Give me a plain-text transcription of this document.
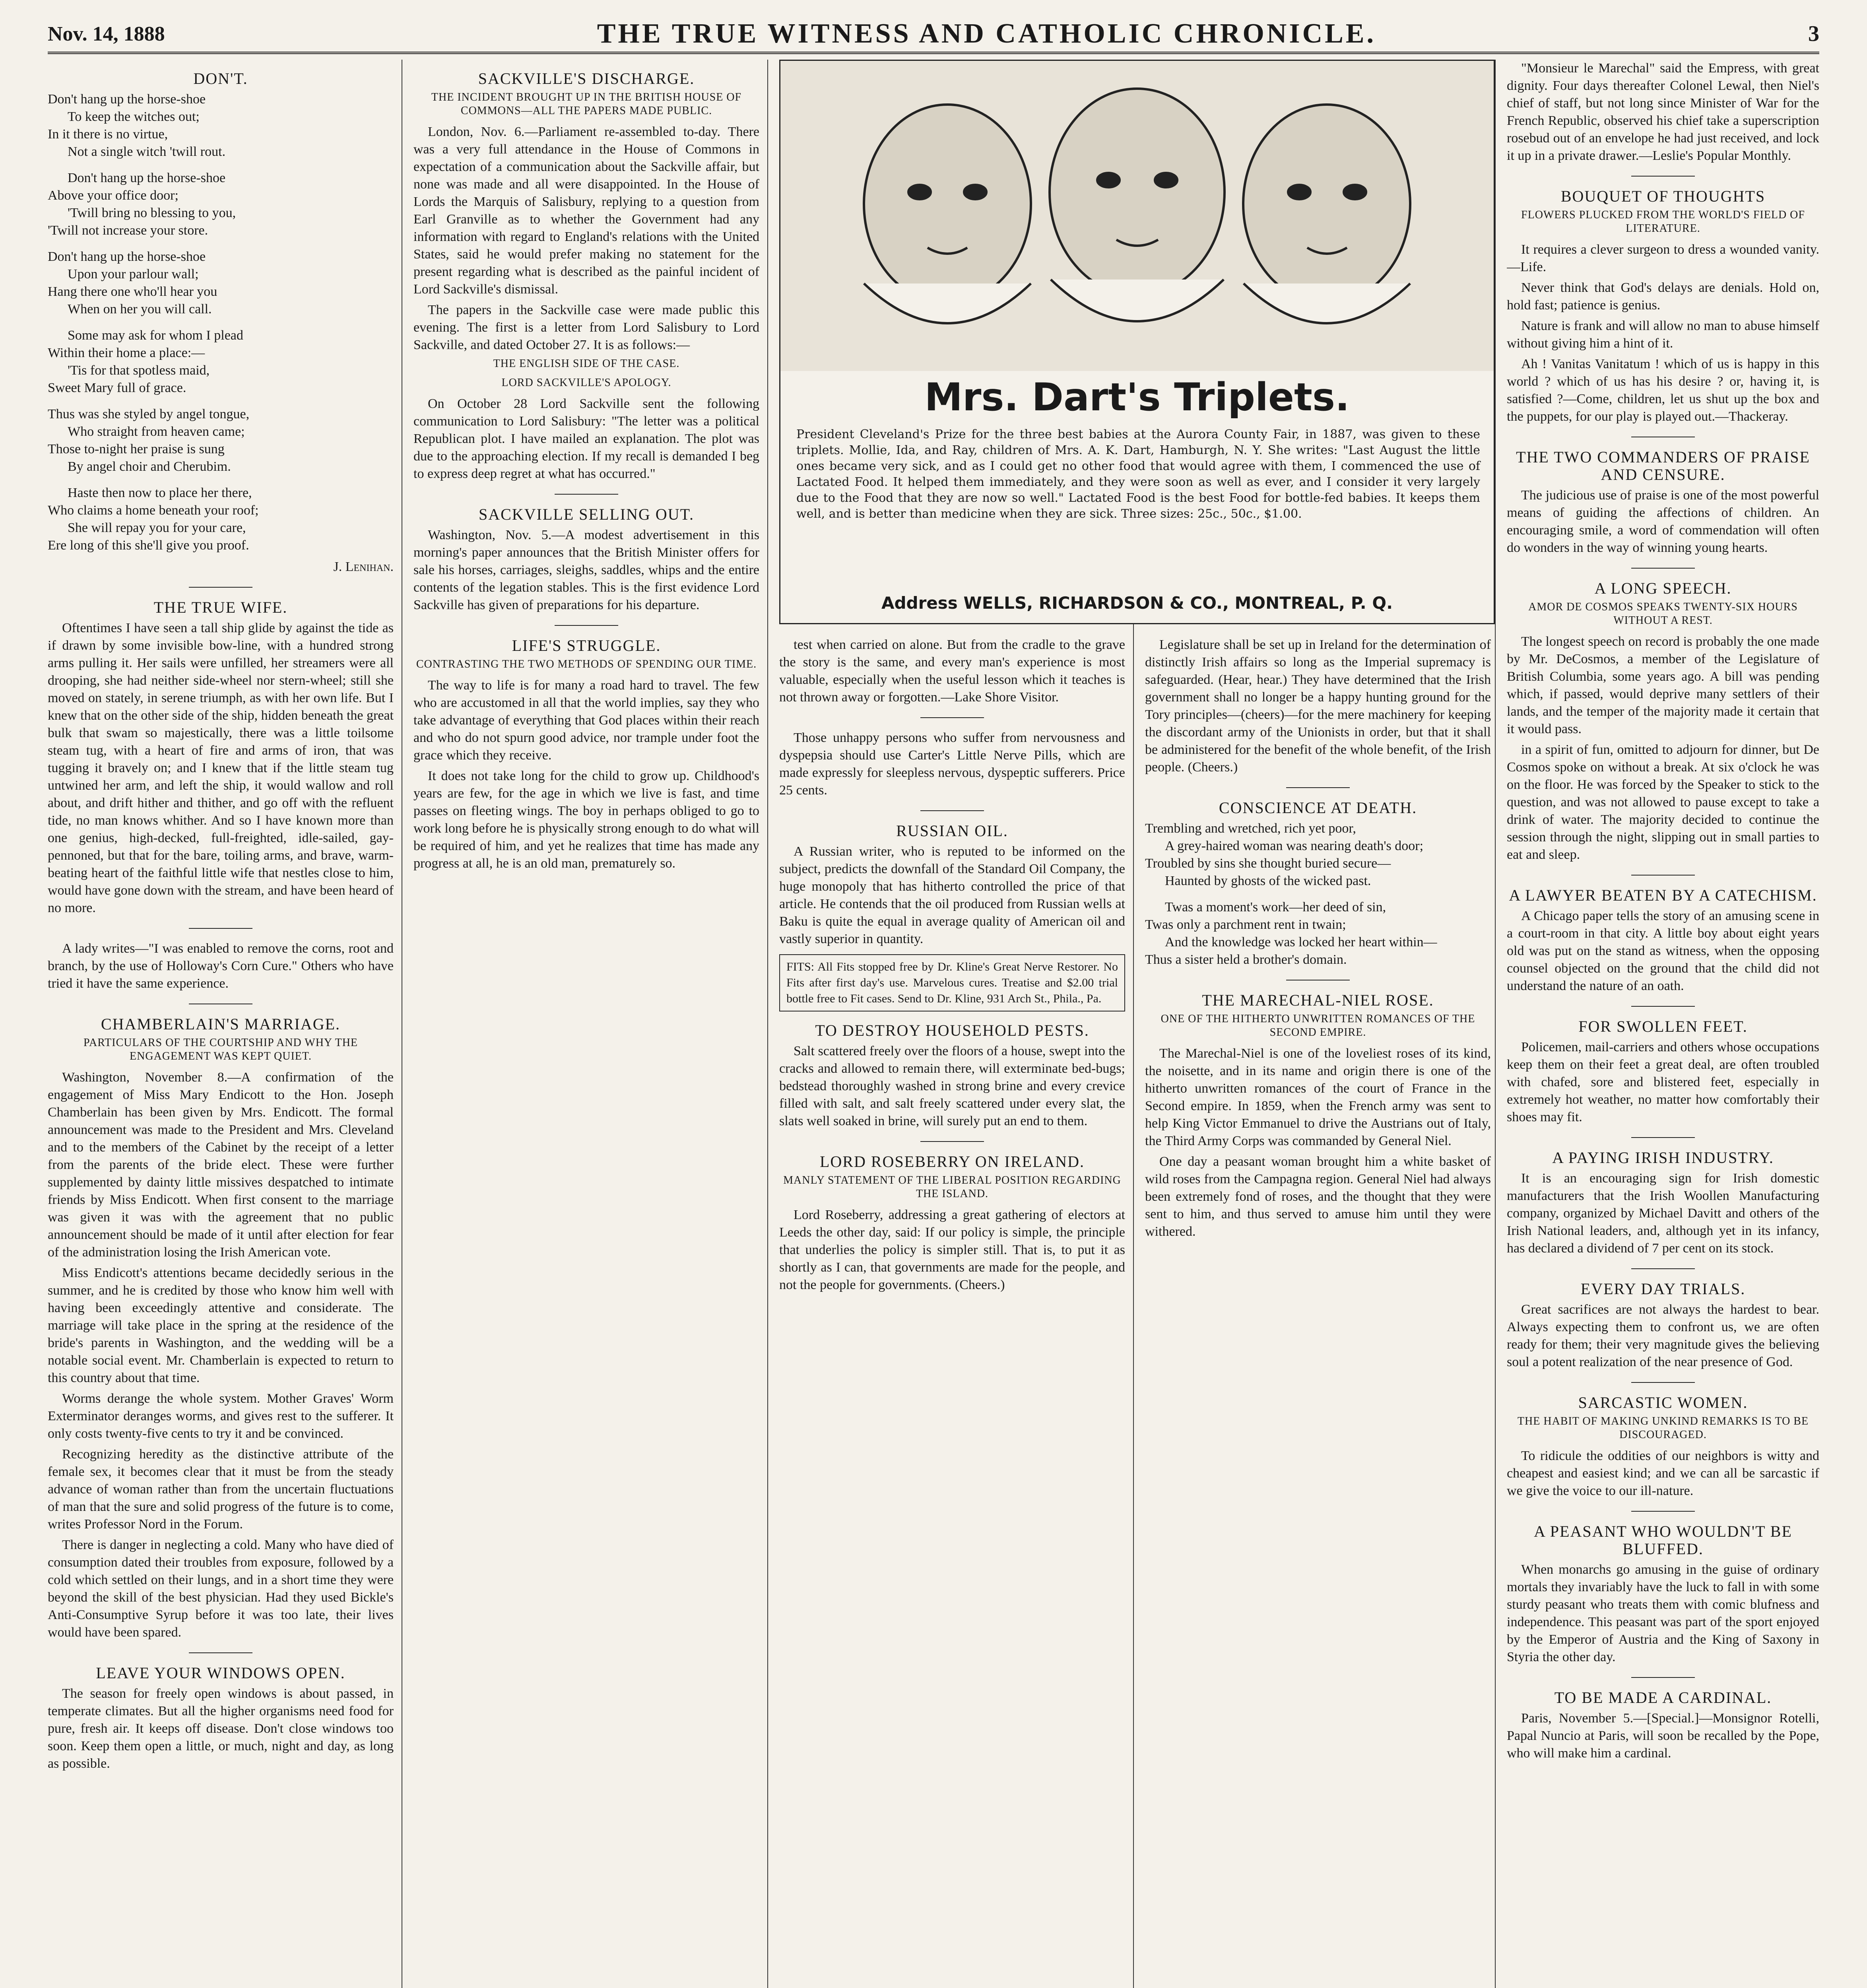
Nov. 14, 1888	THE TRUE WITNESS AND CATHOLIC CHRONICLE.	3
DON'T.

Don't hang up the horse-shoe

To keep the witches out;

In it there is no virtue,

Not a single witch 'twill rout.

Don't hang up the horse-shoe

Above your office door;

'Twill bring no blessing to you,

'Twill not increase your store.

Don't hang up the horse-shoe

Upon your parlour wall;

Hang there one who'll hear you

When on her you will call.

Some may ask for whom I plead

Within their home a place:—

'Tis for that spotless maid,

Sweet Mary full of grace.

Thus was she styled by angel tongue,

Who straight from heaven came;

Those to-night her praise is sung

By angel choir and Cherubim.

Haste then now to place her there,

Who claims a home beneath your roof;

She will repay you for your care,

Ere long of this she'll give you proof.

J. Lenihan.
THE TRUE WIFE.

Oftentimes I have seen a tall ship glide by against the tide as if drawn by some invisible bow-line, with a hundred strong arms pulling it. Her sails were unfilled, her streamers were all drooping, she had neither side-wheel nor stern-wheel; still she moved on stately, in serene triumph, as with her own life. But I knew that on the other side of the ship, hidden beneath the great bulk that swam so majestically, there was a little toilsome steam tug, with a heart of fire and arms of iron, that was tugging it bravely on; and I knew that if the little steam tug untwined her arm, and left the ship, it would wallow and roll about, and drift hither and thither, and go off with the refluent tide, no man knows whither. And so I have known more than one genius, high-decked, full-freighted, idle-sailed, gay-pennoned, but that for the bare, toiling arms, and brave, warm-beating heart of the faithful little wife that nestles close to him, would have gone down with the stream, and have been heard of no more.

A lady writes—"I was enabled to remove the corns, root and branch, by the use of Holloway's Corn Cure." Others who have tried it have the same experience.

CHAMBERLAIN'S MARRIAGE.
PARTICULARS OF THE COURTSHIP AND WHY THE ENGAGEMENT WAS KEPT QUIET.

Washington, November 8.—A confirmation of the engagement of Miss Mary Endicott to the Hon. Joseph Chamberlain has been given by Mrs. Endicott. The formal announcement was made to the President and Mrs. Cleveland and to the members of the Cabinet by the receipt of a letter from the parents of the bride elect. These were further supplemented by dainty little missives despatched to intimate friends by Miss Endicott. When first consent to the marriage was given it was with the agreement that no public announcement should be made of it until after election for fear of the administration losing the Irish American vote.

Miss Endicott's attentions became decidedly serious in the summer, and he is credited by those who know him well with having been exceedingly attentive and considerate. The marriage will take place in the spring at the residence of the bride's parents in Washington, and the wedding will be a notable social event. Mr. Chamberlain is expected to return to this country about that time.

Worms derange the whole system. Mother Graves' Worm Exterminator deranges worms, and gives rest to the sufferer. It only costs twenty-five cents to try it and be convinced.

Recognizing heredity as the distinctive attribute of the female sex, it becomes clear that it must be from the steady advance of woman rather than from the uncertain fluctuations of man that the sure and solid progress of the future is to come, writes Professor Nord in the Forum.

There is danger in neglecting a cold. Many who have died of consumption dated their troubles from exposure, followed by a cold which settled on their lungs, and in a short time they were beyond the skill of the best physician. Had they used Bickle's Anti-Consumptive Syrup before it was too late, their lives would have been spared.

LEAVE YOUR WINDOWS OPEN.

The season for freely open windows is about passed, in temperate climates. But all the higher organisms need food for pure, fresh air. It keeps off disease. Don't close windows too soon. Keep them open a little, or much, night and day, as long as possible.

SACKVILLE'S DISCHARGE.
THE INCIDENT BROUGHT UP IN THE BRITISH HOUSE OF COMMONS—ALL THE PAPERS MADE PUBLIC.

London, Nov. 6.—Parliament re-assembled to-day. There was a very full attendance in the House of Commons in expectation of a communication about the Sackville affair, but none was made and all were disappointed. In the House of Lords the Marquis of Salisbury, replying to a question from Earl Granville as to whether the Government had any information with regard to England's relations with the United States, said he would prefer making no statement for the present regarding what is described as the painful incident of Lord Sackville's dismissal.

The papers in the Sackville case were made public this evening. The first is a letter from Lord Salisbury to Lord Sackville, and dated October 27. It is as follows:—

THE ENGLISH SIDE OF THE CASE.
LORD SACKVILLE'S APOLOGY.

On October 28 Lord Sackville sent the following communication to Lord Salisbury: "The letter was a political Republican plot. I have mailed an explanation. The plot was due to the approaching election. If my recall is demanded I beg to express deep regret at what has occurred."

SACKVILLE SELLING OUT.

Washington, Nov. 5.—A modest advertisement in this morning's paper announces that the British Minister offers for sale his horses, carriages, sleighs, saddles, whips and the entire contents of the legation stables. This is the first evidence Lord Sackville has given of preparations for his departure.

LIFE'S STRUGGLE.
CONTRASTING THE TWO METHODS OF SPENDING OUR TIME.

The way to life is for many a road hard to travel. The few who are accustomed in all that the world implies, say they who take advantage of everything that God places within their reach and who do not spurn good advice, nor trample under foot the grace which they receive.

It does not take long for the child to grow up. Childhood's years are few, for the age in which we live is fast, and time passes on fleeting wings. The boy in perhaps obliged to go to work long before he is physically strong enough to do what will be required of him, and yet he realizes that time has made any progress at all, he is an old man, prematurely so.

Mrs. Dart's Triplets.
President Cleveland's Prize for the three best babies at the Aurora County Fair, in 1887, was given to these triplets. Mollie, Ida, and Ray, children of Mrs. A. K. Dart, Hamburgh, N. Y. She writes: "Last August the little ones became very sick, and as I could get no other food that would agree with them, I commenced the use of Lactated Food. It helped them immediately, and they were soon as well as ever, and I consider it very largely due to the Food that they are now so well." Lactated Food is the best Food for bottle-fed babies. It keeps them well, and is better than medicine when they are sick. Three sizes: 25c., 50c., $1.00.
Address WELLS, RICHARDSON & CO., MONTREAL, P. Q.

test when carried on alone. But from the cradle to the grave the story is the same, and every man's experience is most valuable, especially when the useful lesson which it teaches is not thrown away or forgotten.—Lake Shore Visitor.

Those unhappy persons who suffer from nervousness and dyspepsia should use Carter's Little Nerve Pills, which are made expressly for sleepless nervous, dyspeptic sufferers. Price 25 cents.

RUSSIAN OIL.

A Russian writer, who is reputed to be informed on the subject, predicts the downfall of the Standard Oil Company, the huge monopoly that has hitherto controlled the price of that article. He contends that the oil produced from Russian wells at Baku is quite the equal in average quality of American oil and vastly superior in quantity.

FITS: All Fits stopped free by Dr. Kline's Great Nerve Restorer. No Fits after first day's use. Marvelous cures. Treatise and $2.00 trial bottle free to Fit cases. Send to Dr. Kline, 931 Arch St., Phila., Pa.
TO DESTROY HOUSEHOLD PESTS.

Salt scattered freely over the floors of a house, swept into the cracks and allowed to remain there, will exterminate bed-bugs; bedstead thoroughly washed in strong brine and every crevice filled with salt, and salt freely scattered under every slat, the slats well soaked in brine, will surely put an end to them.

LORD ROSEBERRY ON IRELAND.
MANLY STATEMENT OF THE LIBERAL POSITION REGARDING THE ISLAND.

Lord Roseberry, addressing a great gathering of electors at Leeds the other day, said: If our policy is simple, the principle that underlies the policy is simpler still. That is, to put it as shortly as I can, that governments are made for the people, and not the people for governments. (Cheers.)

Legislature shall be set up in Ireland for the determination of distinctly Irish affairs so long as the Imperial supremacy is safeguarded. (Hear, hear.) They have determined that the Irish government shall no longer be a happy hunting ground for the Tory principles—(cheers)—for the mere machinery for keeping the discordant army of the Unionists in order, but that it shall be administered for the benefit of the whole benefit, of the Irish people. (Cheers.)

CONSCIENCE AT DEATH.

Trembling and wretched, rich yet poor,

A grey-haired woman was nearing death's door;

Troubled by sins she thought buried secure—

Haunted by ghosts of the wicked past.

Twas a moment's work—her deed of sin,

Twas only a parchment rent in twain;

And the knowledge was locked her heart within—

Thus a sister held a brother's domain.

THE MARECHAL-NIEL ROSE.
ONE OF THE HITHERTO UNWRITTEN ROMANCES OF THE SECOND EMPIRE.

The Marechal-Niel is one of the loveliest roses of its kind, the noisette, and in its name and origin there is one of the hitherto unwritten romances of the court of France in the Second empire. In 1859, when the French army was sent to help King Victor Emmanuel to drive the Austrians out of Italy, the Third Army Corps was commanded by General Niel.

One day a peasant woman brought him a white basket of wild roses from the Campagna region. General Niel had always been extremely fond of roses, and the thought that they were sent to him, and thus served to amuse him until they were withered.

"Monsieur le Marechal" said the Empress, with great dignity. Four days thereafter Colonel Lewal, then Niel's chief of staff, but not long since Minister of War for the French Republic, observed his chief take a superscription rosebud out of an envelope he had just received, and lock it up in a private drawer.—Leslie's Popular Monthly.

BOUQUET OF THOUGHTS
FLOWERS PLUCKED FROM THE WORLD'S FIELD OF LITERATURE.

It requires a clever surgeon to dress a wounded vanity.—Life.

Never think that God's delays are denials. Hold on, hold fast; patience is genius.

Nature is frank and will allow no man to abuse himself without giving him a hint of it.

Ah ! Vanitas Vanitatum ! which of us is happy in this world ? which of us has his desire ? or, having it, is satisfied ?—Come, children, let us shut up the box and the puppets, for our play is played out.—Thackeray.

THE TWO COMMANDERS OF PRAISE AND CENSURE.

The judicious use of praise is one of the most powerful means of guiding the affections of children. An encouraging smile, a word of commendation will often do wonders in the way of winning young hearts.

A LONG SPEECH.
AMOR DE COSMOS SPEAKS TWENTY-SIX HOURS WITHOUT A REST.

The longest speech on record is probably the one made by Mr. DeCosmos, a member of the Legislature of British Columbia, some years ago. A bill was pending which, if passed, would deprive many settlers of their lands, and the temper of the majority made it certain that it would pass.

in a spirit of fun, omitted to adjourn for dinner, but De Cosmos spoke on without a break. At six o'clock he was on the floor. He was forced by the Speaker to stick to the question, and was not allowed to pause except to take a drink of water. The majority decided to continue the session through the night, slipping out in small parties to eat and sleep.

A LAWYER BEATEN BY A CATECHISM.

A Chicago paper tells the story of an amusing scene in a court-room in that city. A little boy about eight years old was put on the stand as witness, when the opposing counsel objected on the ground that the child did not understand the nature of an oath.

FOR SWOLLEN FEET.

Policemen, mail-carriers and others whose occupations keep them on their feet a great deal, are often troubled with chafed, sore and blistered feet, especially in extremely hot weather, no matter how comfortably their shoes may fit.

A PAYING IRISH INDUSTRY.

It is an encouraging sign for Irish domestic manufacturers that the Irish Woollen Manufacturing company, organized by Michael Davitt and others of the Irish National leaders, and, although yet in its infancy, has declared a dividend of 7 per cent on its stock.

EVERY DAY TRIALS.

Great sacrifices are not always the hardest to bear. Always expecting them to confront us, we are often ready for them; their very magnitude gives the believing soul a potent realization of the near presence of God.

SARCASTIC WOMEN.
THE HABIT OF MAKING UNKIND REMARKS IS TO BE DISCOURAGED.

To ridicule the oddities of our neighbors is witty and cheapest and easiest kind; and we can all be sarcastic if we give the voice to our ill-nature.

A PEASANT WHO WOULDN'T BE BLUFFED.

When monarchs go amusing in the guise of ordinary mortals they invariably have the luck to fall in with some sturdy peasant who treats them with comic blufness and independence. This peasant was part of the sport enjoyed by the Emperor of Austria and the King of Saxony in Styria the other day.

TO BE MADE A CARDINAL.

Paris, November 5.—[Special.]—Monsignor Rotelli, Papal Nuncio at Paris, will soon be recalled by the Pope, who will make him a cardinal.
